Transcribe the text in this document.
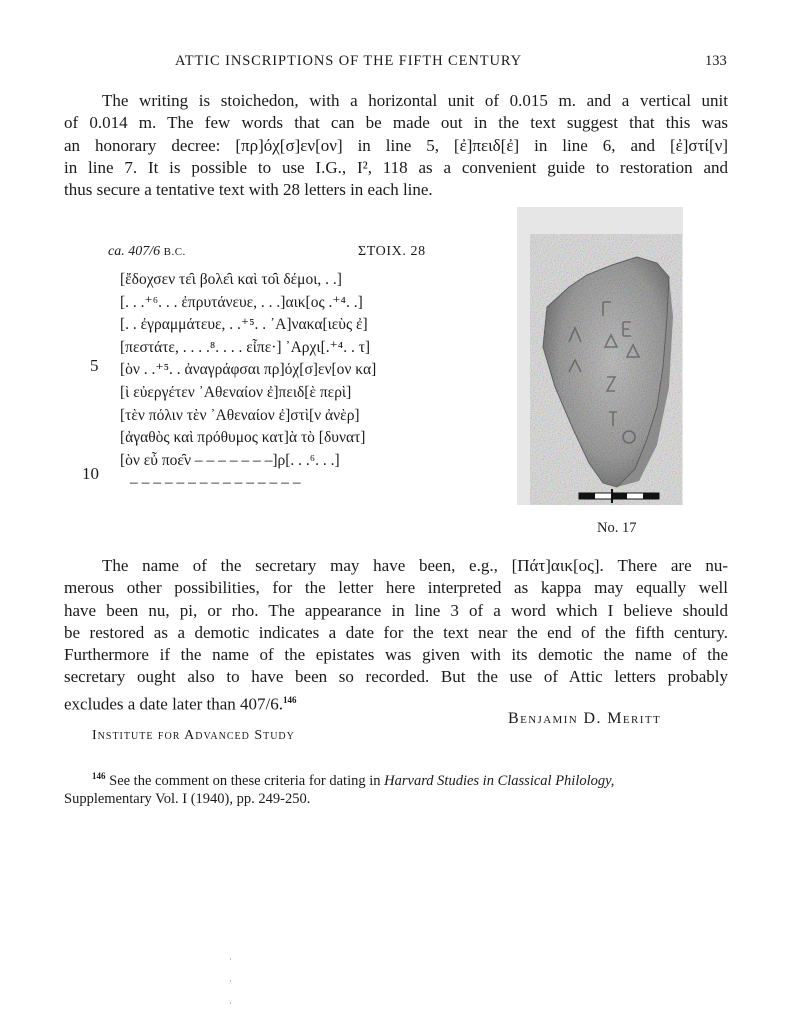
ATTIC INSCRIPTIONS OF THE FIFTH CENTURY	133
The writing is stoichedon, with a horizontal unit of 0.015 m. and a vertical unit
of 0.014 m. The few words that can be made out in the text suggest that this was
an honorary decree: [πρ]όχ[σ]εν[ον] in line 5, [ἐ]πειδ[ἐ] in line 6, and [ἐ]στί[ν]
in line 7. It is possible to use I.G., I², 118 as a convenient guide to restoration and
thus secure a tentative text with 28 letters in each line.
ca. 407/6 B.C.	ΣΤΟΙΧ. 28
[ἔδοχσεν τε̑ι βολε̑ι καὶ το̑ι δέμοι, . .]
[. . .⁺⁶. . . ἐπρυτάνευε, . . .]αικ[ος .⁺⁴. .]
[. . ἐγραμμάτευε, . .⁺⁵. . ᾿Α]νακα[ιεὺς ἐ]
[πεστάτε, . . . .⁸. . . . εἶπε·] ᾿Αρχι[.⁺⁴. . τ]
[ὸν . .⁺⁵. . ἀναγράφσαι πρ]όχ[σ]εν[ον κα]
[ὶ εὐεργέτεν ᾿Αθεναίον ἐ]πειδ[ὲ περὶ]
[τὲν πόλιν τὲν ᾿Αθεναίον ἐ]στὶ[ν ἀνὲρ]
[ἀγαθὸς καὶ πρόθυμος κατ]ὰ τὸ [δυνατ]
[ὸν εὖ ποε̑ν – – – – – – –]ρ[. . .⁶. . .]
– – – – – – – – – – – – – – –
5
10
No. 17
The name of the secretary may have been, e.g., [Πάτ]αικ[ος]. There are nu-
merous other possibilities, for the letter here interpreted as kappa may equally well
have been nu, pi, or rho. The appearance in line 3 of a word which I believe should
be restored as a demotic indicates a date for the text near the end of the fifth century.
Furthermore if the name of the epistates was given with its demotic the name of the
secretary ought also to have been so recorded. But the use of Attic letters probably
excludes a date later than 407/6.$^{146}$
Benjamin D. Meritt
Institute for Advanced Study
$^{146}$ See the comment on these criteria for dating in Harvard Studies in Classical Philology,
Supplementary Vol. I (1940), pp. 249-250.
